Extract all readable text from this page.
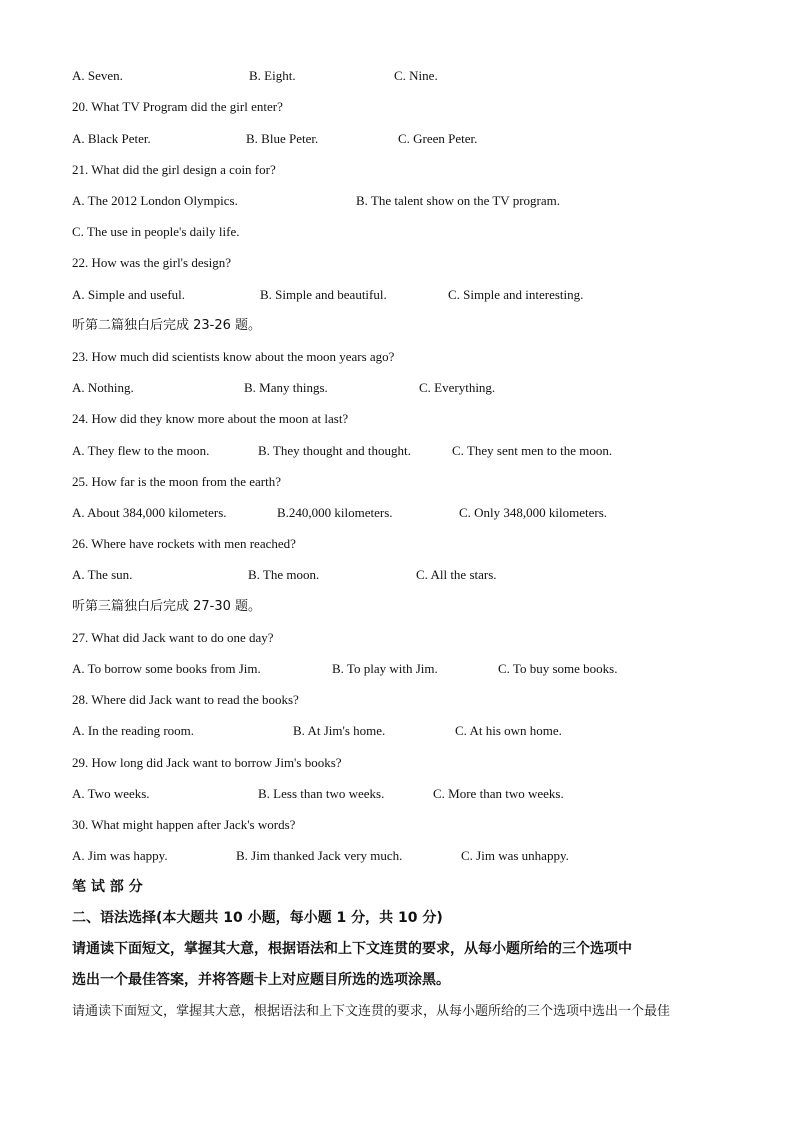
A. Seven.	B. Eight.	C. Nine.
20. What TV Program did the girl enter?
A. Black Peter.	B. Blue Peter.	C. Green Peter.
21. What did the girl design a coin for?
A. The 2012 London Olympics.	B. The talent show on the TV program.
C. The use in people's daily life.
22. How was the girl's design?
A. Simple and useful.	B. Simple and beautiful.	C. Simple and interesting.
听第二篇独白后完成 23-26 题。
23. How much did scientists know about the moon years ago?
A. Nothing.	B. Many things.	C. Everything.
24. How did they know more about the moon at last?
A. They flew to the moon.	B. They thought and thought.	C. They sent men to the moon.
25. How far is the moon from the earth?
A. About 384,000 kilometers.	B.240,000 kilometers.	C. Only 348,000 kilometers.
26. Where have rockets with men reached?
A. The sun.	B. The moon.	C. All the stars.
听第三篇独白后完成 27-30 题。
27. What did Jack want to do one day?
A. To borrow some books from Jim.	B. To play with Jim.	C. To buy some books.
28. Where did Jack want to read the books?
A. In the reading room.	B. At Jim's home.	C. At his own home.
29. How long did Jack want to borrow Jim's books?
A. Two weeks.	B. Less than two weeks.	C. More than two weeks.
30. What might happen after Jack's words?
A. Jim was happy.	B. Jim thanked Jack very much.	C. Jim was unhappy.
笔 试 部 分
二、语法选择(本大题共 10 小题，每小题 1 分，共 10 分)
请通读下面短文，掌握其大意，根据语法和上下文连贯的要求，从每小题所给的三个选项中
选出一个最佳答案，并将答题卡上对应题目所选的选项涂黑。
请通读下面短文，掌握其大意，根据语法和上下文连贯的要求，从每小题所给的三个选项中选出一个最佳
